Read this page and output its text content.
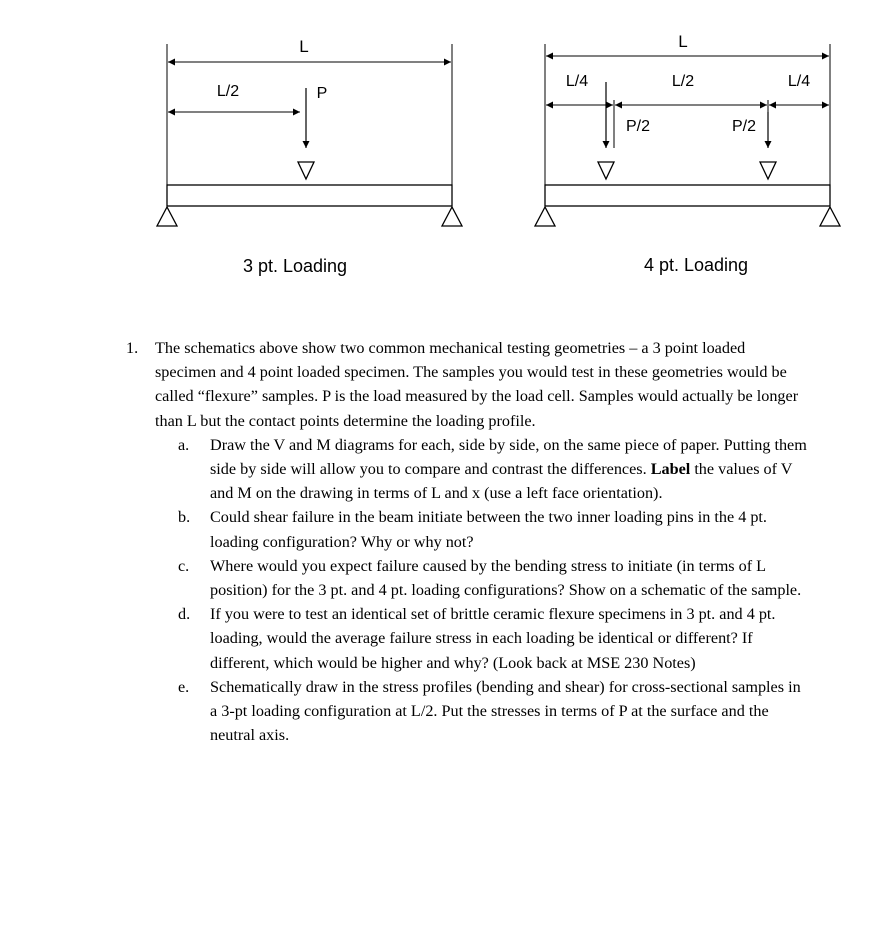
L
L/2	P
3 pt. Loading
L
L/4	L/2	L/4
P/2	P/2
4 pt. Loading
1.	The schematics above show two common mechanical testing geometries – a 3 point loaded specimen and 4 point loaded specimen. The samples you would test in these geometries would be called “flexure” samples. P is the load measured by the load cell. Samples would actually be longer than L but the contact points determine the loading profile.
a.	Draw the V and M diagrams for each, side by side, on the same piece of paper. Putting them side by side will allow you to compare and contrast the differences. Label the values of V and M on the drawing in terms of L and x (use a left face orientation).
b.	Could shear failure in the beam initiate between the two inner loading pins in the 4 pt. loading configuration? Why or why not?
c.	Where would you expect failure caused by the bending stress to initiate (in terms of L position) for the 3 pt. and 4 pt. loading configurations? Show on a schematic of the sample.
d.	If you were to test an identical set of brittle ceramic flexure specimens in 3 pt. and 4 pt. loading, would the average failure stress in each loading be identical or different? If different, which would be higher and why? (Look back at MSE 230 Notes)
e.	Schematically draw in the stress profiles (bending and shear) for cross-sectional samples in a 3-pt loading configuration at L/2. Put the stresses in terms of P at the surface and the neutral axis.
